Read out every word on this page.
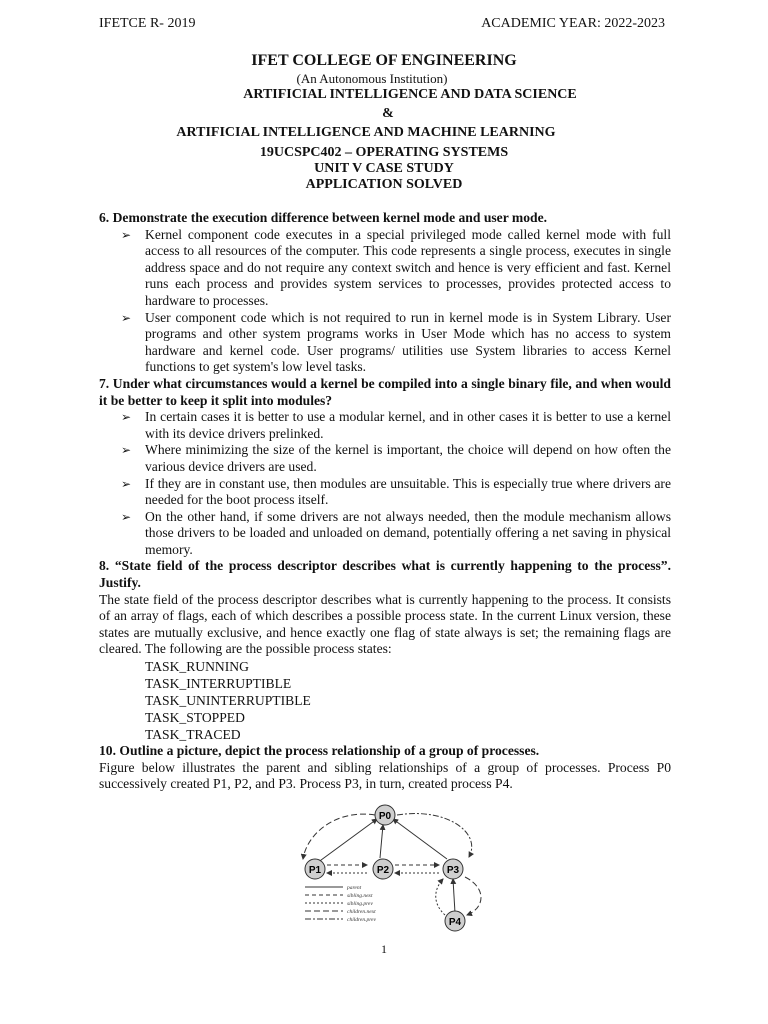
IFETCE R- 2019	ACADEMIC YEAR: 2022-2023
IFET COLLEGE OF ENGINEERING
(An Autonomous Institution)
ARTIFICIAL INTELLIGENCE AND DATA SCIENCE
&
ARTIFICIAL INTELLIGENCE AND MACHINE LEARNING
19UCSPC402 – OPERATING SYSTEMS
UNIT V CASE STUDY
APPLICATION SOLVED

6. Demonstrate the execution difference between kernel mode and user mode.

➢ Kernel component code executes in a special privileged mode called kernel mode with full access to all resources of the computer. This code represents a single process, executes in single address space and do not require any context switch and hence is very efficient and fast. Kernel runs each process and provides system services to processes, provides protected access to hardware to processes.
➢ User component code which is not required to run in kernel mode is in System Library. User programs and other system programs works in User Mode which has no access to system hardware and kernel code. User programs/ utilities use System libraries to access Kernel functions to get system's low level tasks.

7. Under what circumstances would a kernel be compiled into a single binary file, and when would it be better to keep it split into modules?

➢ In certain cases it is better to use a modular kernel, and in other cases it is better to use a kernel with its device drivers prelinked.
➢ Where minimizing the size of the kernel is important, the choice will depend on how often the various device drivers are used.
➢ If they are in constant use, then modules are unsuitable. This is especially true where drivers are needed for the boot process itself.
➢ On the other hand, if some drivers are not always needed, then the module mechanism allows those drivers to be loaded and unloaded on demand, potentially offering a net saving in physical memory.

8. “State field of the process descriptor describes what is currently happening to the process”. Justify.

The state field of the process descriptor describes what is currently happening to the process. It consists of an array of flags, each of which describes a possible process state. In the current Linux version, these states are mutually exclusive, and hence exactly one flag of state always is set; the remaining flags are cleared. The following are the possible process states:

TASK_RUNNING
TASK_INTERRUPTIBLE
TASK_UNINTERRUPTIBLE
TASK_STOPPED
TASK_TRACED

10. Outline a picture, depict the process relationship of a group of processes.

Figure below illustrates the parent and sibling relationships of a group of processes. Process P0 successively created P1, P2, and P3. Process P3, in turn, created process P4.

P0
P1	P2	P3
P4
parent
sibling.next
sibling.prev
children.next
children.prev
1
